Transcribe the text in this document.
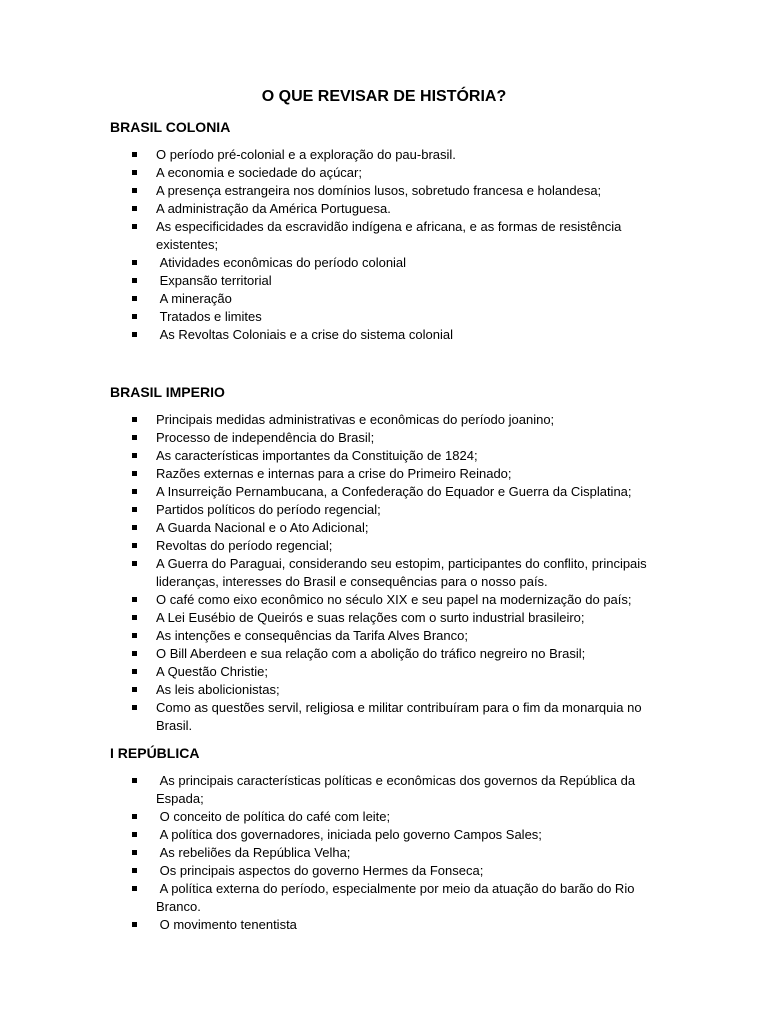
O QUE REVISAR DE HISTÓRIA?
BRASIL COLONIA
O período pré-colonial e a exploração do pau-brasil.
A economia e sociedade do açúcar;
A presença estrangeira nos domínios lusos, sobretudo francesa e holandesa;
A administração da América Portuguesa.
As especificidades da escravidão indígena e africana, e as formas de resistência existentes;
Atividades econômicas do período colonial
Expansão territorial
A mineração
Tratados e limites
As Revoltas Coloniais e a crise do sistema colonial
BRASIL IMPERIO
Principais medidas administrativas e econômicas do período joanino;
Processo de independência do Brasil;
As características importantes da Constituição de 1824;
Razões externas e internas para a crise do Primeiro Reinado;
A Insurreição Pernambucana, a Confederação do Equador e Guerra da Cisplatina;
Partidos políticos do período regencial;
A Guarda Nacional e o Ato Adicional;
Revoltas do período regencial;
A Guerra do Paraguai, considerando seu estopim, participantes do conflito, principais lideranças, interesses do Brasil e consequências para o nosso país.
O café como eixo econômico no século XIX e seu papel na modernização do país;
A Lei Eusébio de Queirós e suas relações com o surto industrial brasileiro;
As intenções e consequências da Tarifa Alves Branco;
O Bill Aberdeen e sua relação com a abolição do tráfico negreiro no Brasil;
A Questão Christie;
As leis abolicionistas;
Como as questões servil, religiosa e militar contribuíram para o fim da monarquia no Brasil.
I REPÚBLICA
As principais características políticas e econômicas dos governos da República da Espada;
O conceito de política do café com leite;
A política dos governadores, iniciada pelo governo Campos Sales;
As rebeliões da República Velha;
Os principais aspectos do governo Hermes da Fonseca;
A política externa do período, especialmente por meio da atuação do barão do Rio Branco.
O movimento tenentista
